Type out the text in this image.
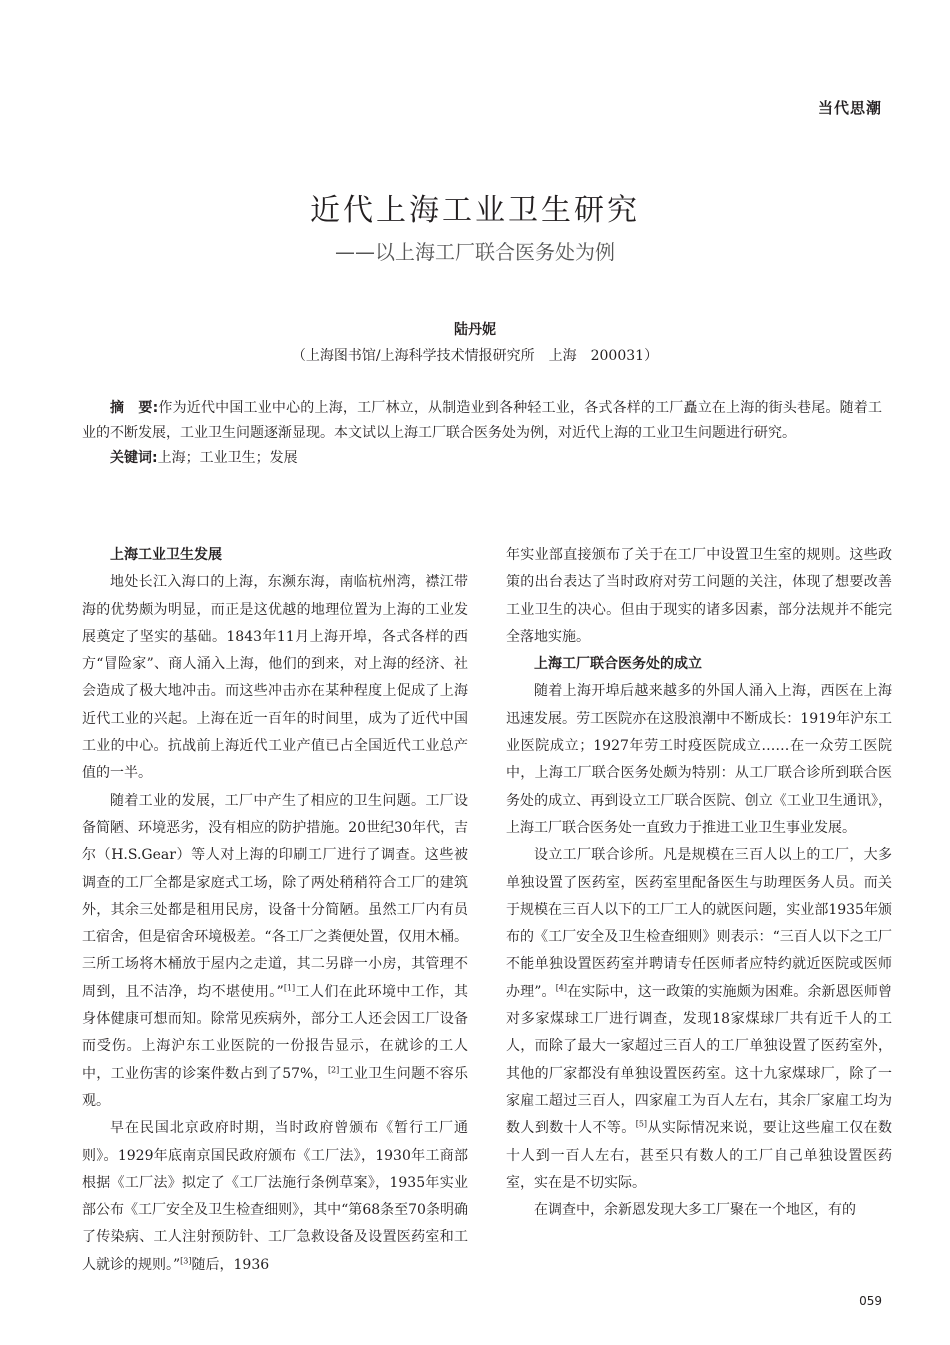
当代思潮
近代上海工业卫生研究
——以上海工厂联合医务处为例
陆丹妮
（上海图书馆/上海科学技术情报研究所　上海　200031）

摘　要:作为近代中国工业中心的上海，工厂林立，从制造业到各种轻工业，各式各样的工厂矗立在上海的街头巷尾。随着工业的不断发展，工业卫生问题逐渐显现。本文试以上海工厂联合医务处为例，对近代上海的工业卫生问题进行研究。

关键词:上海；工业卫生；发展

上海工业卫生发展

地处长江入海口的上海，东濒东海，南临杭州湾，襟江带海的优势颇为明显，而正是这优越的地理位置为上海的工业发展奠定了坚实的基础。1843年11月上海开埠，各式各样的西方“冒险家”、商人涌入上海，他们的到来，对上海的经济、社会造成了极大地冲击。而这些冲击亦在某种程度上促成了上海近代工业的兴起。上海在近一百年的时间里，成为了近代中国工业的中心。抗战前上海近代工业产值已占全国近代工业总产值的一半。

随着工业的发展，工厂中产生了相应的卫生问题。工厂设备简陋、环境恶劣，没有相应的防护措施。20世纪30年代，吉尔（H.S.Gear）等人对上海的印刷工厂进行了调查。这些被调查的工厂全都是家庭式工场，除了两处稍稍符合工厂的建筑外，其余三处都是租用民房，设备十分简陋。虽然工厂内有员工宿舍，但是宿舍环境极差。“各工厂之粪便处置，仅用木桶。三所工场将木桶放于屋内之走道，其二另辟一小房，其管理不周到，且不洁净，均不堪使用。”[1]工人们在此环境中工作，其身体健康可想而知。除常见疾病外，部分工人还会因工厂设备而受伤。上海沪东工业医院的一份报告显示，在就诊的工人中，工业伤害的诊案件数占到了57%，[2]工业卫生问题不容乐观。

早在民国北京政府时期，当时政府曾颁布《暂行工厂通则》。1929年底南京国民政府颁布《工厂法》，1930年工商部根据《工厂法》拟定了《工厂法施行条例草案》，1935年实业部公布《工厂安全及卫生检查细则》，其中“第68条至70条明确了传染病、工人注射预防针、工厂急救设备及设置医药室和工人就诊的规则。”[3]随后，1936

年实业部直接颁布了关于在工厂中设置卫生室的规则。这些政策的出台表达了当时政府对劳工问题的关注，体现了想要改善工业卫生的决心。但由于现实的诸多因素，部分法规并不能完全落地实施。

上海工厂联合医务处的成立

随着上海开埠后越来越多的外国人涌入上海，西医在上海迅速发展。劳工医院亦在这股浪潮中不断成长：1919年沪东工业医院成立；1927年劳工时疫医院成立……在一众劳工医院中，上海工厂联合医务处颇为特别：从工厂联合诊所到联合医务处的成立、再到设立工厂联合医院、创立《工业卫生通讯》，上海工厂联合医务处一直致力于推进工业卫生事业发展。

设立工厂联合诊所。凡是规模在三百人以上的工厂，大多单独设置了医药室，医药室里配备医生与助理医务人员。而关于规模在三百人以下的工厂工人的就医问题，实业部1935年颁布的《工厂安全及卫生检查细则》则表示：“三百人以下之工厂不能单独设置医药室并聘请专任医师者应特约就近医院或医师办理”。[4]在实际中，这一政策的实施颇为困难。余新恩医师曾对多家煤球工厂进行调查，发现18家煤球厂共有近千人的工人，而除了最大一家超过三百人的工厂单独设置了医药室外，其他的厂家都没有单独设置医药室。这十九家煤球厂，除了一家雇工超过三百人，四家雇工为百人左右，其余厂家雇工均为数人到数十人不等。[5]从实际情况来说，要让这些雇工仅在数十人到一百人左右，甚至只有数人的工厂自己单独设置医药室，实在是不切实际。

在调查中，余新恩发现大多工厂聚在一个地区，有的

059
